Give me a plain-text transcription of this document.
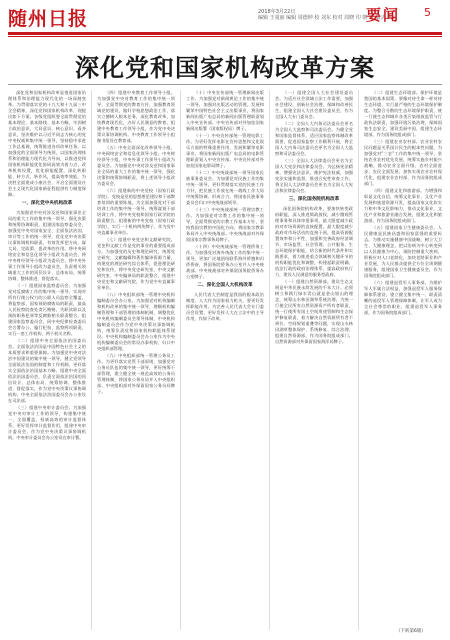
随州日报	2018年3月22日
编辑 王曼丽 编辑 周德坤 校 刘东 校对 周晓 印 朝 审 版式 洪
要闻 5
深化党和国家机构改革方案

深化党和国家机构改革是推进国家治理体系和治理能力现代化的一场深刻变革。为贯彻落实党的十九大和十九届三中全会精神，深化党和国家机构改革，现提出如下方案。各级党组织要全面贯彻党的基本理论、基本路线、基本方略，牢固树立政治意识、大局意识、核心意识、看齐意识，坚决维护以习近平同志为核心的党中央权威和集中统一领导，坚持稳中求进工作总基调，统筹推进各项改革任务。以加强党的全面领导为统领，以国家治理体系和治理能力现代化为导向，以推进党和国家机构职能优化协同高效为着力点，改革机构设置，优化职能配置，深化转职能、转方式、转作风，提高效率效能，为决胜全面建成小康社会、开启全面建设社会主义现代化国家新征程提供有力制度保障。

一、深化党中央机构改革

为加强党中央对涉及党和国家事业全局的重大工作的集中统一领导，强化决策和统筹协调职责，组建国家监察委员会，加强党中央对国家安全、全面依法治国、审计等工作的统一领导，优化党中央决策议事协调机构职责，有效发挥把方向、谋大局、定政策、促改革的作用。将中央网络安全和信息化领导小组改为委员会，将中央财经领导小组改为委员会，将中央外事工作领导小组改为委员会，负责相关领域重大工作的顶层设计、总体布局、统筹协调、整体推进、督促落实。

（一）组建国家监察委员会。为加强党对反腐败工作的集中统一领导，实现对所有行使公权力的公职人员监察全覆盖，将监察部、国家预防腐败局的职责，最高人民检察院查处贪污贿赂、失职渎职以及预防职务犯罪等反腐败相关职责整合，组建国家监察委员会，同中央纪律检查委员会合署办公，履行纪检、监察两项职责，实行一套工作机构、两个机关名称。

（二）组建中央全面依法治国委员会。全面依法治国是中国特色社会主义的本质要求和重要保障。为加强党中央对法治中国建设的集中统一领导，健全党领导全面依法治国的制度和工作机制，更好落实全面依法治国基本方略，组建中央全面依法治国委员会，负责全面依法治国的顶层设计、总体布局、统筹协调、整体推进、督促落实，作为党中央决策议事协调机构。中央全面依法治国委员会办公室设在司法部。

（三）组建中央审计委员会。为加强党中央对审计工作的领导，构建集中统一、全面覆盖、权威高效的审计监督体系，更好发挥审计监督作用，组建中央审计委员会，作为党中央决策议事协调机构。中央审计委员会办公室设在审计署。

（四）组建中央教育工作领导小组。为加强党中央对教育工作的集中统一领导，全面贯彻党的教育方针，加强教育领域党的建设，做好学校思想政治工作，落实立德树人根本任务，深化教育改革，加快教育现代化，办好人民满意的教育，组建中央教育工作领导小组，作为党中央决策议事协调机构。中央教育工作领导小组秘书组设在教育部。

（五）中央全面深化改革领导小组、中央网络安全和信息化领导小组、中央财经领导小组、中央外事工作领导小组改为委员会。为加强党中央对涉及党和国家事业全局的重大工作的集中统一领导，强化决策和统筹协调职责，将上述领导小组改为委员会。

（六）组建新的中央党校（国家行政学院）。党校是党的思想理论建设和干部教育培训的重要阵地。为全面加强党对干部培训工作的集中统一领导，统筹谋划干部培训工作，将中央党校和国家行政学院的职责整合，组建新的中央党校（国家行政学院），实行一个机构两块牌子，作为党中央直属事业单位。

（七）组建中央党史和文献研究院。党史和文献工作是党的事业的重要组成部分。为加强党的历史和理论研究，统筹党史研究、文献编辑和著作编译资源力量，构建党的理论研究综合体系，促进理论研究和宣传，将中央党史研究室、中央文献研究室、中央编译局的职责整合，组建中央党史和文献研究院，作为党中央直属事业单位。

（八）中央组织部统一管理中央机构编制委员会办公室。为加强党对机构编制和机构改革的集中统一领导，理顺机构编制管理和干部管理的体制机制，调整优化中央机构编制委员会领导体制，中央机构编制委员会作为党中央决策议事协调机构，统筹负责党和国家机构职能体系建设。中央机构编制委员会办公室作为中央机构编制委员会的常设办事机构，归口中央组织部管理。

（九）中央组织部统一管理公务员工作。为更好落实党管干部原则，加强党对公务员队伍的集中统一领导，更好统筹干部管理，建立健全统一规范高效的公务员管理体制，将国家公务员局并入中央组织部。中央组织部对外保留国家公务员局牌子。

（十）中央宣传部统一管理新闻出版工作。为加强党对新闻舆论工作的集中统一领导，加强对出版活动的管理，发展和繁荣中国特色社会主义出版事业，将国家新闻出版广电总局的新闻出版管理职责划入中央宣传部。中央宣传部对外加挂国家新闻出版署（国家版权局）牌子。

（十一）中央宣传部统一管理电影工作。为更好发挥电影在宣传思想和文化娱乐方面的特殊重要作用，发展和繁荣电影事业，将国家新闻出版广电总局的电影管理职责划入中央宣传部。中央宣传部对外加挂国家电影局牌子。

（十二）中央统战部统一领导国家民族事务委员会。为加强党对民族工作的集中统一领导，更好贯彻落实党的民族工作方针，把民族工作放在统一战线工作大局中统筹协调、形成合力，将国家民族事务委员会归口中央统战部领导。

（十三）中央统战部统一管理宗教工作。为加强党对宗教工作的集中统一领导，全面贯彻党的宗教工作基本方针，坚持我国宗教的中国化方向，将国家宗教事务局并入中央统战部。中央统战部对外保留国家宗教事务局牌子。

（十四）中央统战部统一管理侨务工作。为加强党对海外统战工作的集中统一领导，更加广泛地团结联系海外侨胞和归侨侨眷，将国务院侨务办公室并入中央统战部。中央统战部对外保留国务院侨务办公室牌子。

二、深化全国人大机构改革

人民代表大会制度是我国的根本政治制度。人大作为国家权力机关，要更好发挥职能作用。为完善人民代表大会专门委员会设置，更好发挥人大在立法中的主导作用，作如下改革。

（一）组建全国人大社会建设委员会。为适应社会领域立法工作需要，加强社会建设，创新社会治理，保障和改善民生，组建全国人大社会建设委员会，作为全国人大专门委员会。

（二）全国人大内务司法委员会更名为全国人大监察和司法委员会。为健全党和国家监督体系，适应国家监察体制改革需要，促进国家监察工作顺利开展，将全国人大内务司法委员会更名为全国人大监察和司法委员会。

（三）全国人大法律委员会更名为全国人大宪法和法律委员会。为弘扬宪法精神，增强宪法意识，维护宪法权威，加强宪法实施和监督，推进合宪性审查工作，将全国人大法律委员会更名为全国人大宪法和法律委员会。

三、深化国务院机构改革

深化国务院机构改革，要加快转变政府职能，深入推进简政放权，减少微观管理事务和具体审批事项，最大限度减少政府对市场资源的直接配置，最大限度减少政府对市场活动的直接干预，提高资源配置效率和公平性，加强和完善政府经济调节、市场监管、社会管理、公共服务、生态环境保护职能，结合新的时代条件和实践要求，着力推进重点领域和关键环节的机构职能优化和调整，构建起职责明确、依法行政的政府治理体系，提高政府执行力，建设人民满意的服务型政府。

（一）组建自然资源部。建设生态文明是中华民族永续发展的千年大计。必须树立和践行绿水青山就是金山银山的理念，统筹山水林田湖草系统治理。为统一行使全民所有自然资源资产所有者职责，统一行使所有国土空间用途管制和生态保护修复职责，着力解决自然资源所有者不到位、空间规划重叠等问题，实现山水林田湖草整体保护、系统修复、综合治理，组建自然资源部，作为国务院组成部门。自然资源部对外保留国家海洋局牌子。

（二）组建生态环境部。保护环境是我国的基本国策，要像对待生命一样对待生态环境，实行最严格的生态环境保护制度。为整合分散的生态环境保护职责，统一行使生态和城乡各类污染排放监管与行政执法职责，加强环境污染治理，保障国家生态安全，建设美丽中国，组建生态环境部，作为国务院组成部门。

（三）组建农业农村部。农业农村农民问题是关系国计民生的根本性问题。为加强党对“三农”工作的集中统一领导，坚持农业农村优先发展，统筹实施乡村振兴战略，推动农业全面升级、农村全面进步、农民全面发展，加快实现农业农村现代化，组建农业农村部，作为国务院组成部门。

（四）组建文化和旅游部。为增强和彰显文化自信，统筹文化事业、文化产业发展和旅游资源开发，提高国家文化软实力和中华文化影响力，推动文化事业、文化产业和旅游业融合发展，组建文化和旅游部，作为国务院组成部门。

（五）组建国家卫生健康委员会。人民健康是民族昌盛和国家富强的重要标志。为推动实施健康中国战略，树立大卫生、大健康理念，把以治病为中心转变到以人民健康为中心，预防控制重大疾病，积极应对人口老龄化，加快老龄事业和产业发展，为人民群众提供全方位全周期健康服务，组建国家卫生健康委员会，作为国务院组成部门。

（六）组建退役军人事务部。为维护军人军属合法权益，加强退役军人服务保障体系建设，建立健全集中统一、职责清晰的退役军人管理保障体制，让军人成为全社会尊崇的职业，组建退役军人事务部，作为国务院组成部门。

（下转第6版）
